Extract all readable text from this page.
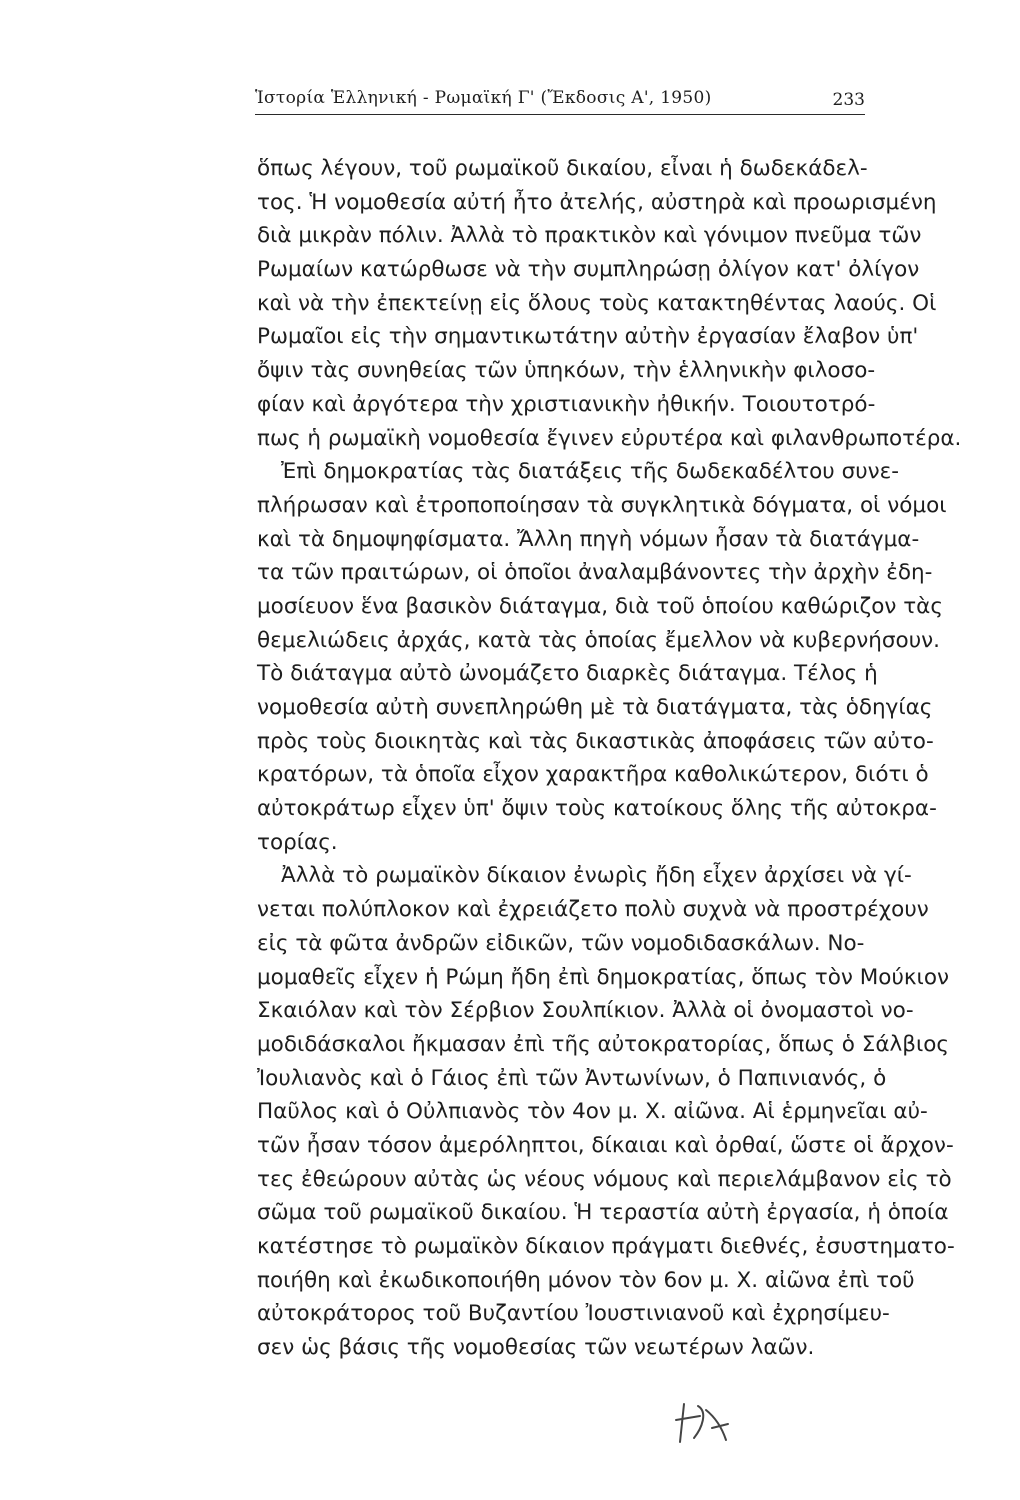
Ἱστορία Ἑλληνική - Ρωμαϊκή Γ' (Ἔκδοσις Α', 1950)	233
ὅπως λέγουν, τοῦ ρωμαϊκοῦ δικαίου, εἶναι ἡ δωδεκάδελ-
τος. Ἡ νομοθεσία αὐτή ἦτο ἀτελής, αὐστηρὰ καὶ προωρισμένη
διὰ μικρὰν πόλιν. Ἀλλὰ τὸ πρακτικὸν καὶ γόνιμον πνεῦμα τῶν
Ρωμαίων κατώρθωσε νὰ τὴν συμπληρώσῃ ὀλίγον κατ' ὀλίγον
καὶ νὰ τὴν ἐπεκτείνῃ εἰς ὅλους τοὺς κατακτηθέντας λαούς. Οἱ
Ρωμαῖοι εἰς τὴν σημαντικωτάτην αὐτὴν ἐργασίαν ἔλαβον ὑπ'
ὄψιν τὰς συνηθείας τῶν ὑπηκόων, τὴν ἑλληνικὴν φιλοσο-
φίαν καὶ ἀργότερα τὴν χριστιανικὴν ἠθικήν. Τοιουτοτρό-
πως ἡ ρωμαϊκὴ νομοθεσία ἔγινεν εὐρυτέρα καὶ φιλανθρωποτέρα.
Ἐπὶ δημοκρατίας τὰς διατάξεις τῆς δωδεκαδέλτου συνε-
πλήρωσαν καὶ ἐτροποποίησαν τὰ συγκλητικὰ δόγματα, οἱ νόμοι
καὶ τὰ δημοψηφίσματα. Ἄλλη πηγὴ νόμων ἦσαν τὰ διατάγμα-
τα τῶν πραιτώρων, οἱ ὁποῖοι ἀναλαμβάνοντες τὴν ἀρχὴν ἐδη-
μοσίευον ἕνα βασικὸν διάταγμα, διὰ τοῦ ὁποίου καθώριζον τὰς
θεμελιώδεις ἀρχάς, κατὰ τὰς ὁποίας ἔμελλον νὰ κυβερνήσουν.
Τὸ διάταγμα αὐτὸ ὠνομάζετο διαρκὲς διάταγμα. Τέλος ἡ
νομοθεσία αὐτὴ συνεπληρώθη μὲ τὰ διατάγματα, τὰς ὁδηγίας
πρὸς τοὺς διοικητὰς καὶ τὰς δικαστικὰς ἀποφάσεις τῶν αὐτο-
κρατόρων, τὰ ὁποῖα εἶχον χαρακτῆρα καθολικώτερον, διότι ὁ
αὐτοκράτωρ εἶχεν ὑπ' ὄψιν τοὺς κατοίκους ὅλης τῆς αὐτοκρα-
τορίας.
Ἀλλὰ τὸ ρωμαϊκὸν δίκαιον ἐνωρὶς ἤδη εἶχεν ἀρχίσει νὰ γί-
νεται πολύπλοκον καὶ ἐχρειάζετο πολὺ συχνὰ νὰ προστρέχουν
εἰς τὰ φῶτα ἀνδρῶν εἰδικῶν, τῶν νομοδιδασκάλων. Νο-
μομαθεῖς εἶχεν ἡ Ρώμη ἤδη ἐπὶ δημοκρατίας, ὅπως τὸν Μούκιον
Σκαιόλαν καὶ τὸν Σέρβιον Σουλπίκιον. Ἀλλὰ οἱ ὀνομαστοὶ νο-
μοδιδάσκαλοι ἤκμασαν ἐπὶ τῆς αὐτοκρατορίας, ὅπως ὁ Σάλβιος
Ἰουλιανὸς καὶ ὁ Γάιος ἐπὶ τῶν Ἀντωνίνων, ὁ Παπινιανός, ὁ
Παῦλος καὶ ὁ Οὐλπιανὸς τὸν 4ον μ. Χ. αἰῶνα. Αἱ ἑρμηνεῖαι αὐ-
τῶν ἦσαν τόσον ἀμερόληπτοι, δίκαιαι καὶ ὀρθαί, ὥστε οἱ ἄρχον-
τες ἐθεώρουν αὐτὰς ὡς νέους νόμους καὶ περιελάμβανον εἰς τὸ
σῶμα τοῦ ρωμαϊκοῦ δικαίου. Ἡ τεραστία αὐτὴ ἐργασία, ἡ ὁποία
κατέστησε τὸ ρωμαϊκὸν δίκαιον πράγματι διεθνές, ἐσυστηματο-
ποιήθη καὶ ἐκωδικοποιήθη μόνον τὸν 6ον μ. Χ. αἰῶνα ἐπὶ τοῦ
αὐτοκράτορος τοῦ Βυζαντίου Ἰουστινιανοῦ καὶ ἐχρησίμευ-
σεν ὡς βάσις τῆς νομοθεσίας τῶν νεωτέρων λαῶν.
